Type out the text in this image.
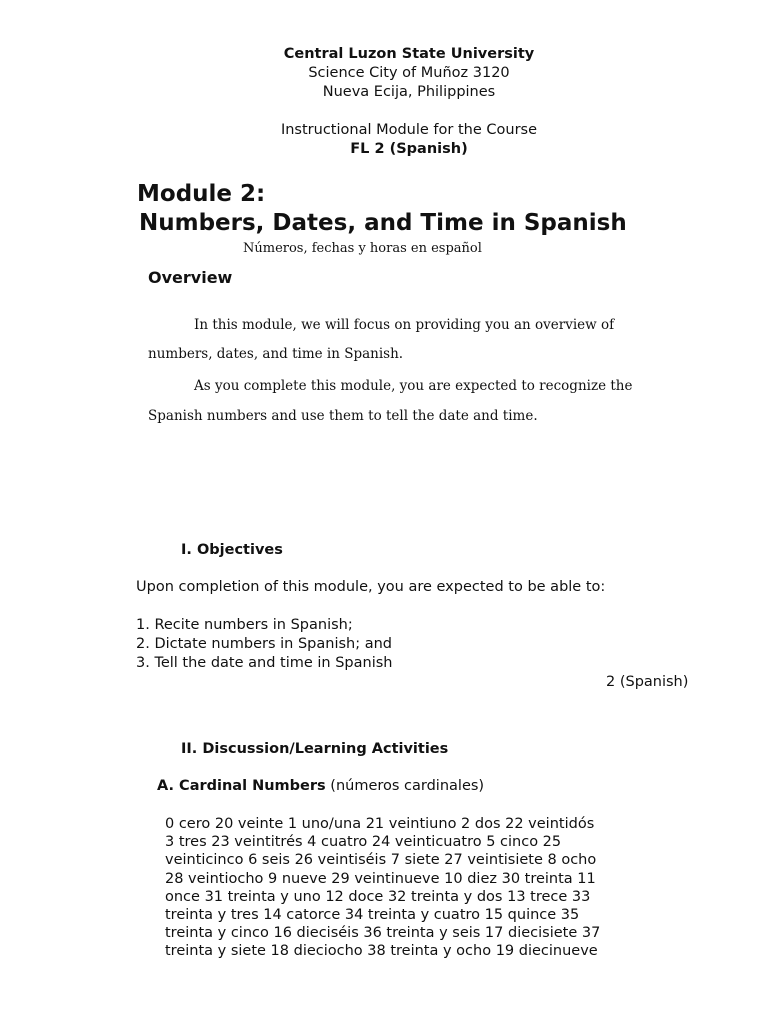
Central Luzon State University

Science City of Muñoz 3120

Nueva Ecija, Philippines

Instructional Module for the Course

FL 2 (Spanish)

Module 2:
Numbers, Dates, and Time in Spanish

Números, fechas y horas en español

Overview

In this module, we will focus on providing you an overview of

numbers, dates, and time in Spanish.

As you complete this module, you are expected to recognize the

Spanish numbers and use them to tell the date and time.

I. Objectives

Upon completion of this module, you are expected to be able to:

1. Recite numbers in Spanish;
2. Dictate numbers in Spanish; and
3. Tell the date and time in Spanish

2 (Spanish)

II. Discussion/Learning Activities

A. Cardinal Numbers (números cardinales)

0 cero 20 veinte 1 uno/una 21 veintiuno 2 dos 22 veintidós
3 tres 23 veintitrés 4 cuatro 24 veinticuatro 5 cinco 25
veinticinco 6 seis 26 veintiséis 7 siete 27 veintisiete 8 ocho
28 veintiocho 9 nueve 29 veintinueve 10 diez 30 treinta 11
once 31 treinta y uno 12 doce 32 treinta y dos 13 trece 33
treinta y tres 14 catorce 34 treinta y cuatro 15 quince 35
treinta y cinco 16 dieciséis 36 treinta y seis 17 diecisiete 37
treinta y siete 18 dieciocho 38 treinta y ocho 19 diecinueve
